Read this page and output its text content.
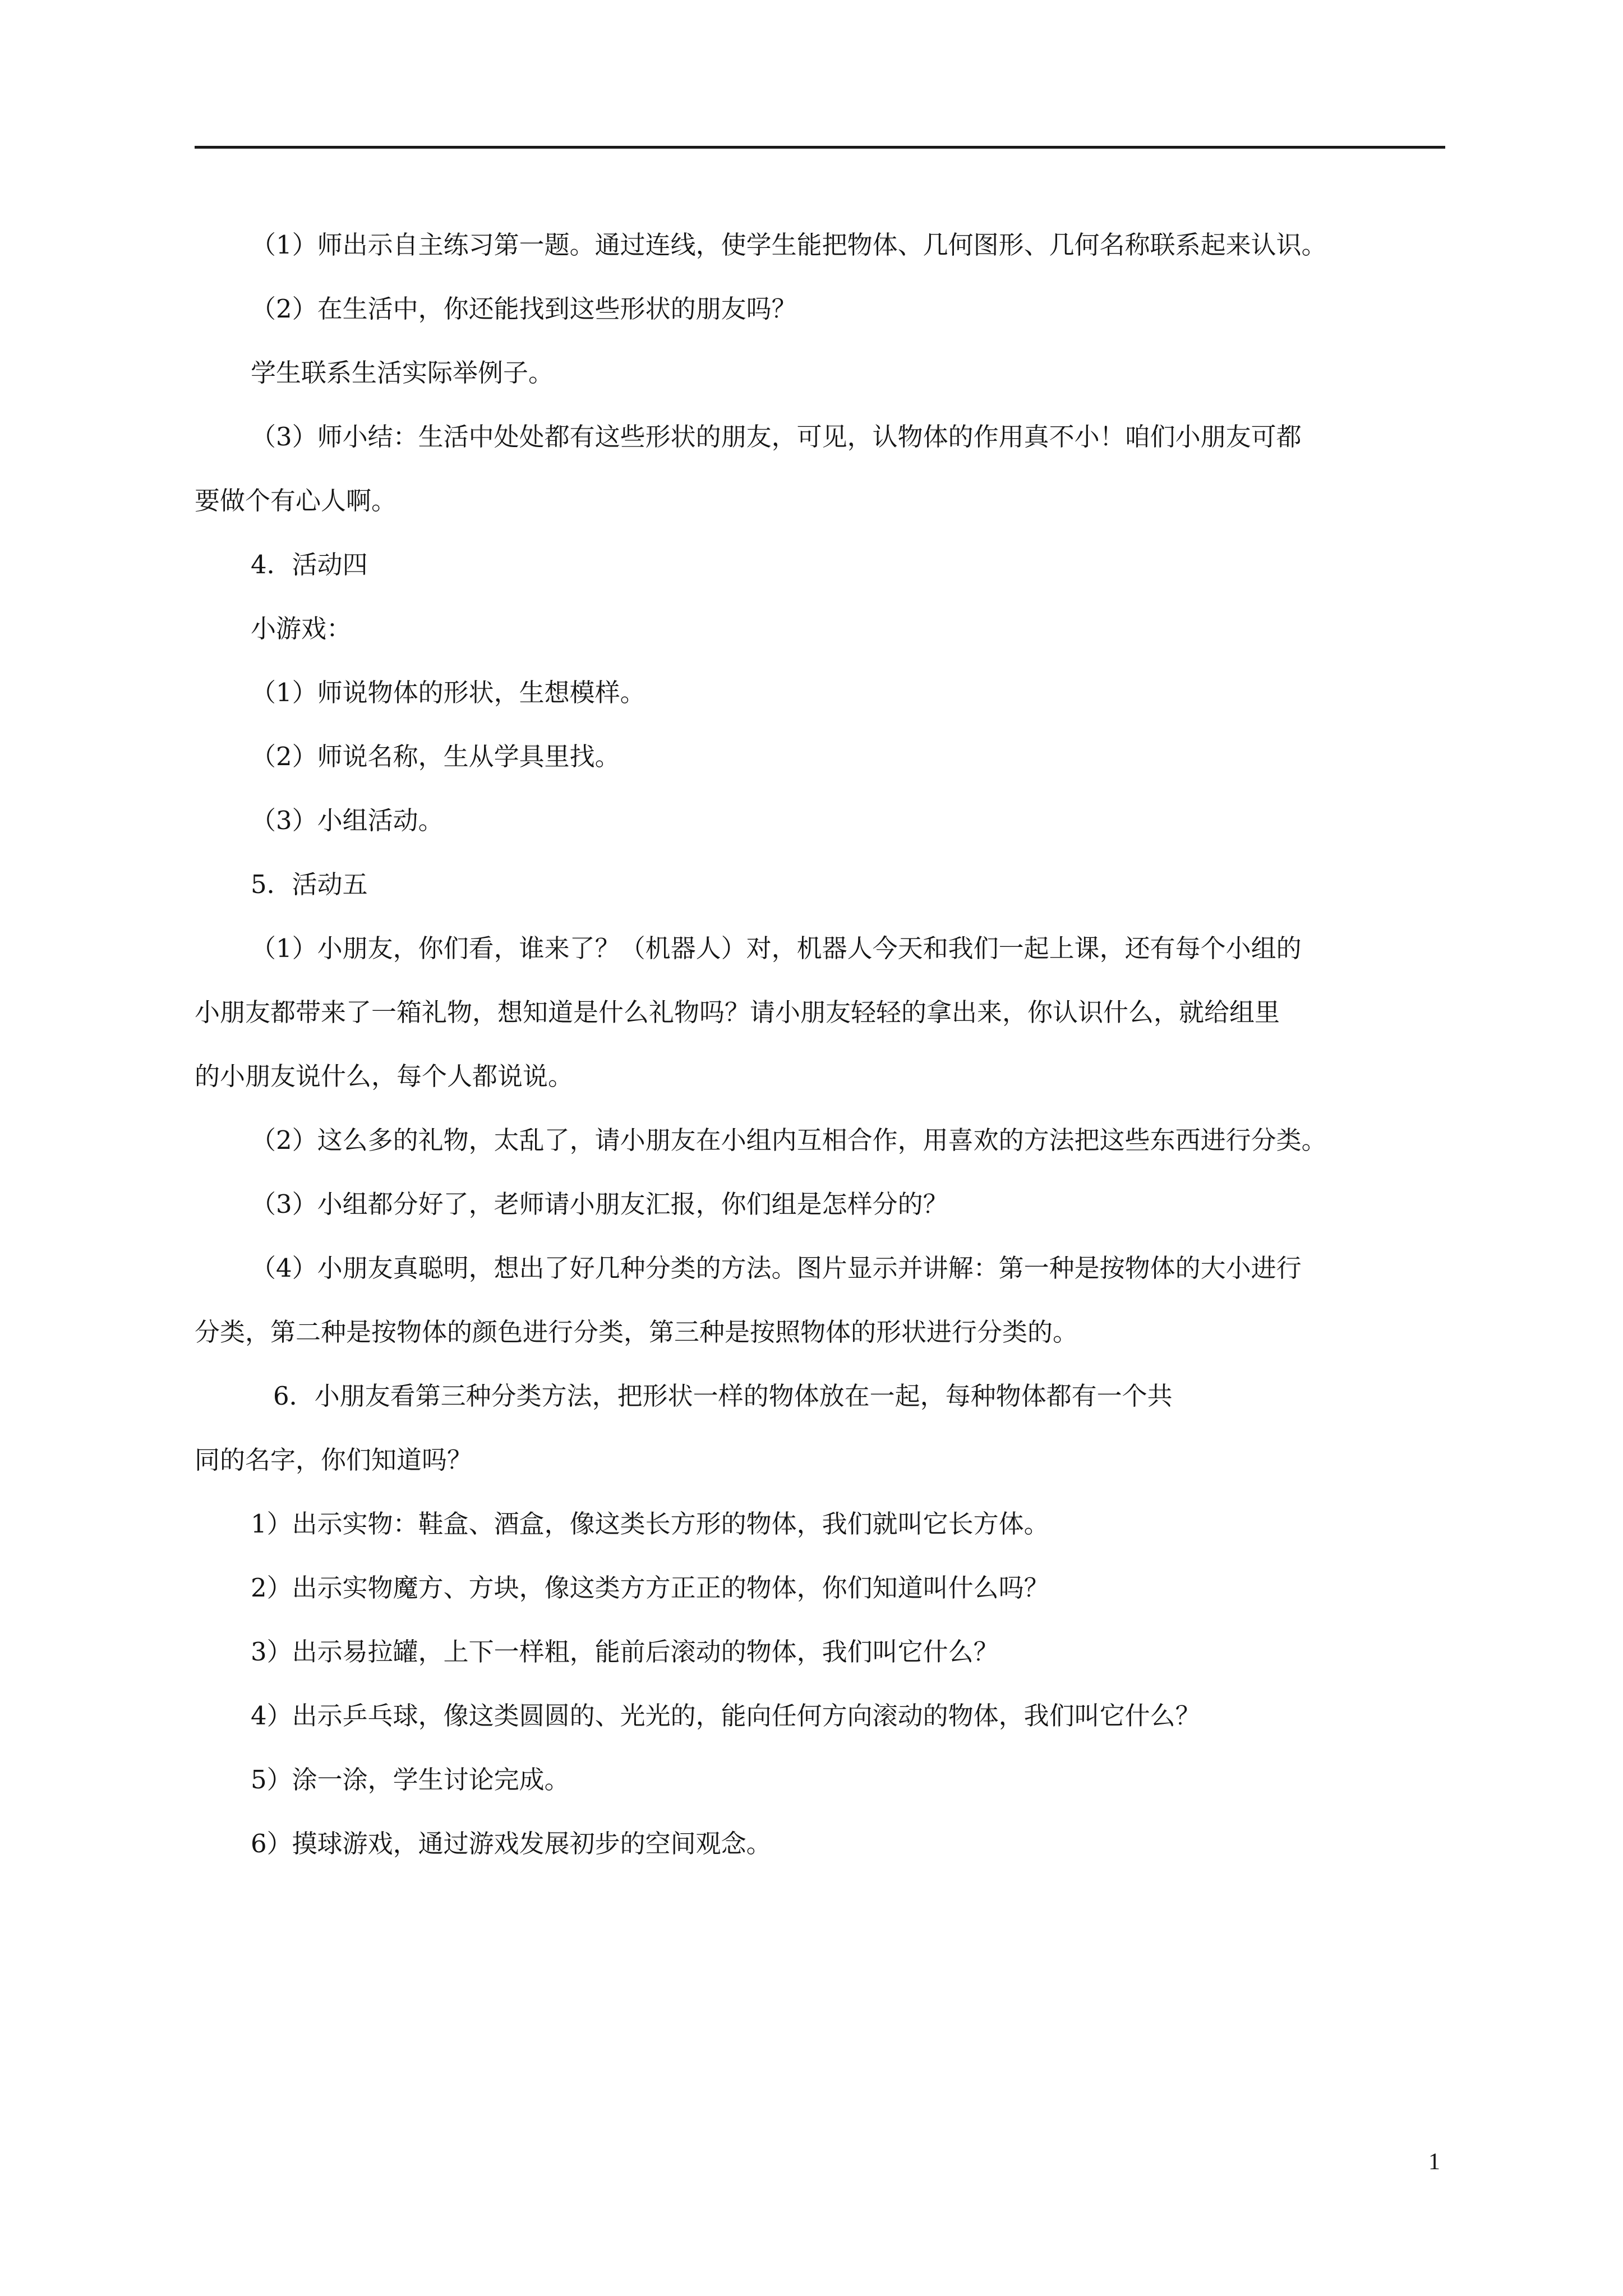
（1）师出示自主练习第一题。通过连线，使学生能把物体、几何图形、几何名称联系起来认识。

（2）在生活中，你还能找到这些形状的朋友吗？

学生联系生活实际举例子。

（3）师小结：生活中处处都有这些形状的朋友，可见，认物体的作用真不小！咱们小朋友可都

要做个有心人啊。

4．活动四

小游戏：

（1）师说物体的形状，生想模样。

（2）师说名称，生从学具里找。

（3）小组活动。

5．活动五

（1）小朋友，你们看，谁来了？（机器人）对，机器人今天和我们一起上课，还有每个小组的

小朋友都带来了一箱礼物，想知道是什么礼物吗？请小朋友轻轻的拿出来，你认识什么，就给组里

的小朋友说什么，每个人都说说。

（2）这么多的礼物，太乱了，请小朋友在小组内互相合作，用喜欢的方法把这些东西进行分类。

（3）小组都分好了，老师请小朋友汇报，你们组是怎样分的？

（4）小朋友真聪明，想出了好几种分类的方法。图片显示并讲解：第一种是按物体的大小进行

分类，第二种是按物体的颜色进行分类，第三种是按照物体的形状进行分类的。

6．小朋友看第三种分类方法，把形状一样的物体放在一起，每种物体都有一个共

同的名字，你们知道吗？

1）出示实物：鞋盒、酒盒，像这类长方形的物体，我们就叫它长方体。

2）出示实物魔方、方块，像这类方方正正的物体，你们知道叫什么吗？

3）出示易拉罐，上下一样粗，能前后滚动的物体，我们叫它什么？

4）出示乒乓球，像这类圆圆的、光光的，能向任何方向滚动的物体，我们叫它什么？

5）涂一涂，学生讨论完成。

6）摸球游戏，通过游戏发展初步的空间观念。

1
